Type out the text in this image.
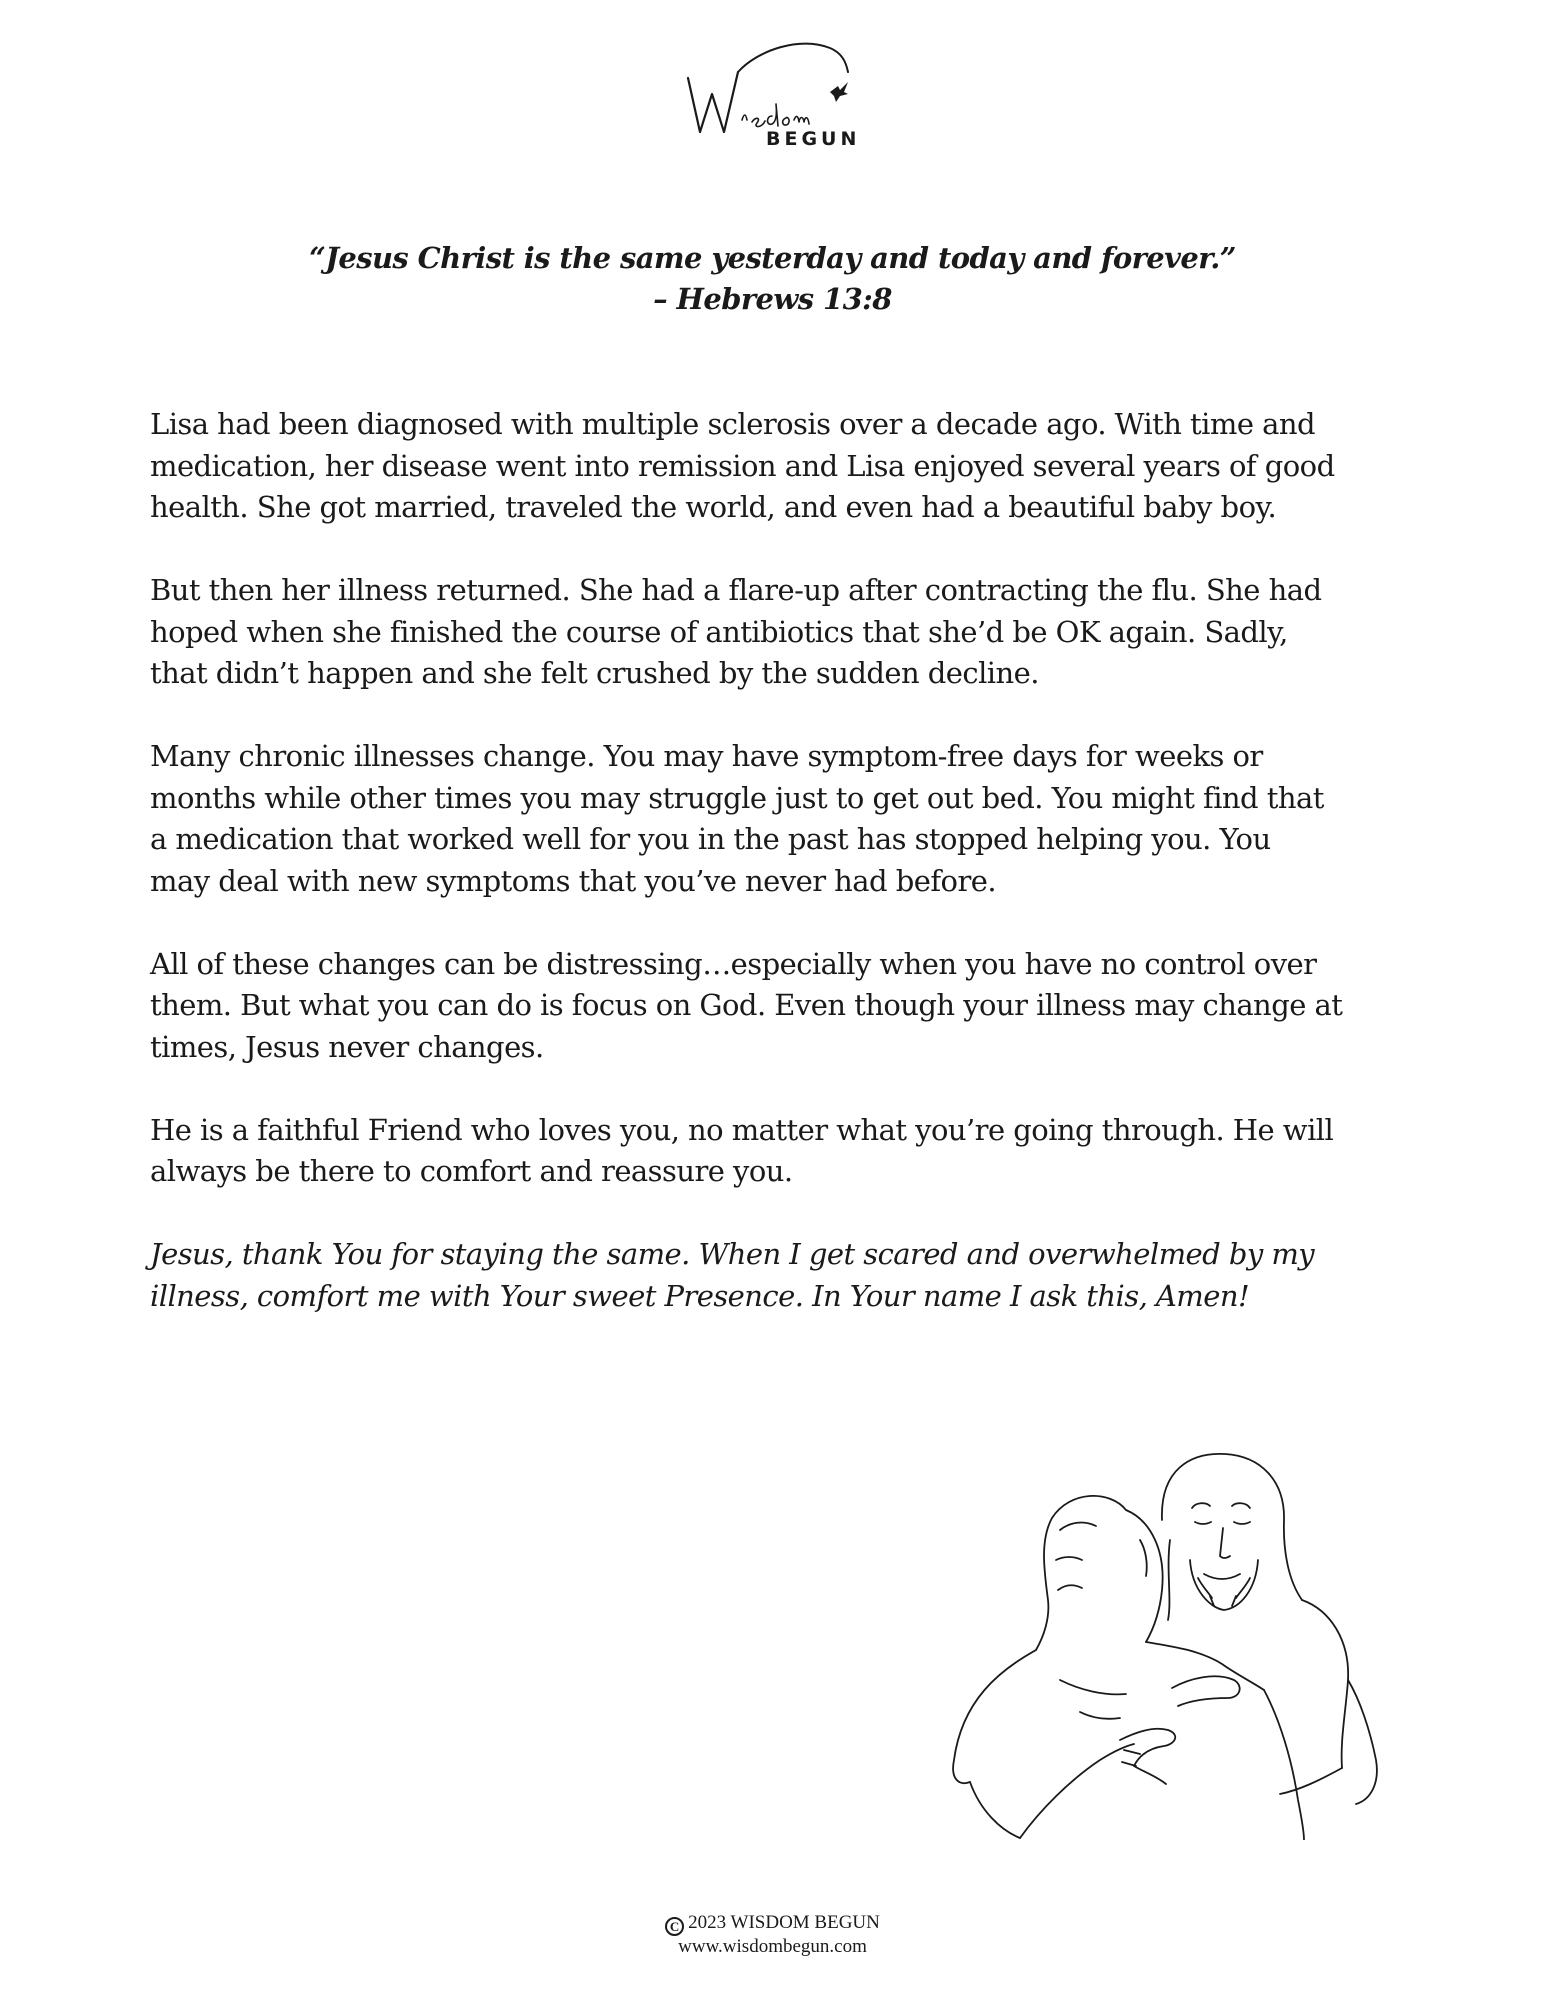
BEGUN
“Jesus Christ is the same yesterday and today and forever.”
– Hebrews 13:8
Lisa had been diagnosed with multiple sclerosis over a decade ago. With time and
medication, her disease went into remission and Lisa enjoyed several years of good
health. She got married, traveled the world, and even had a beautiful baby boy.
But then her illness returned. She had a flare-up after contracting the flu. She had
hoped when she finished the course of antibiotics that she’d be OK again. Sadly,
that didn’t happen and she felt crushed by the sudden decline.
Many chronic illnesses change. You may have symptom-free days for weeks or
months while other times you may struggle just to get out bed. You might find that
a medication that worked well for you in the past has stopped helping you. You
may deal with new symptoms that you’ve never had before.
All of these changes can be distressing…especially when you have no control over
them. But what you can do is focus on God. Even though your illness may change at
times, Jesus never changes.
He is a faithful Friend who loves you, no matter what you’re going through. He will
always be there to comfort and reassure you.
Jesus, thank You for staying the same. When I get scared and overwhelmed by my
illness, comfort me with Your sweet Presence. In Your name I ask this, Amen!
C 2023 WISDOM BEGUN
www.wisdombegun.com
